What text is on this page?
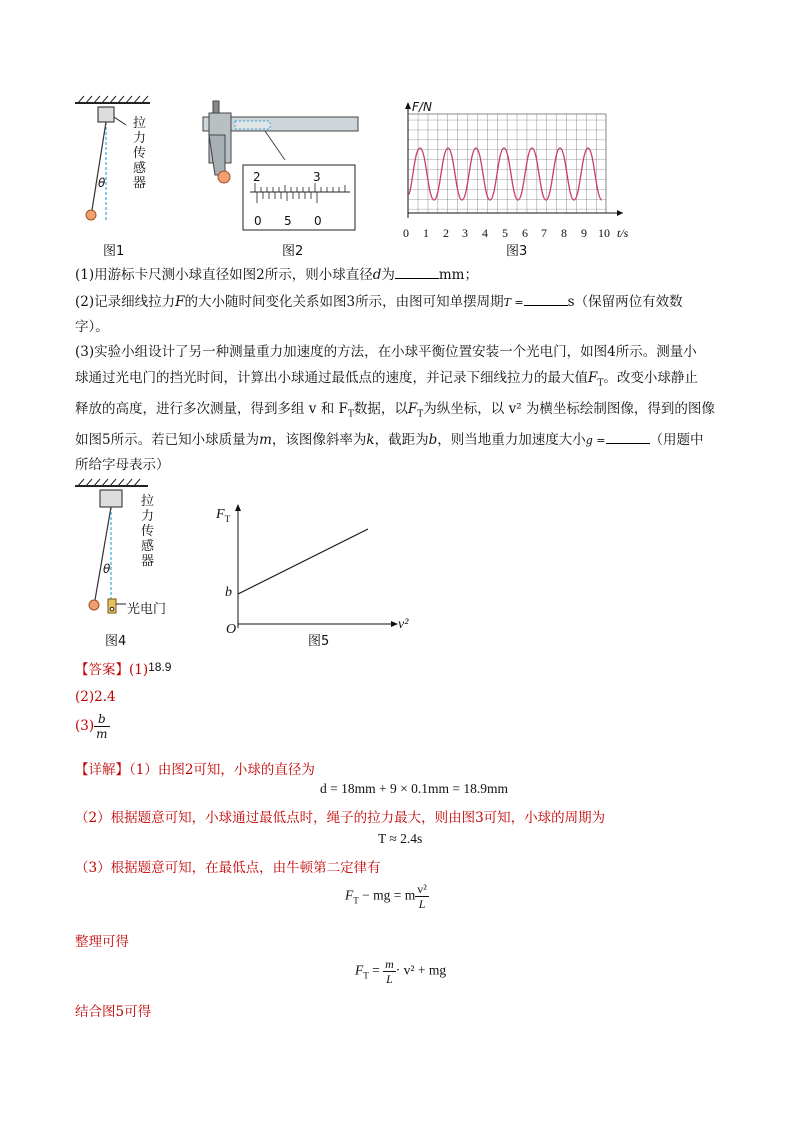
拉力传感器
θ
图1
2	3
0 5 0
图2
F/N
0 1 2 3 4 5 6 7 8 9 10 t/s
图3
(1)用游标卡尺测小球直径如图2所示，则小球直径d为	mm；
(2)记录细线拉力F的大小随时间变化关系如图3所示，由图可知单摆周期T =	s（保留两位有效数
字）。
(3)实验小组设计了另一种测量重力加速度的方法，在小球平衡位置安装一个光电门，如图4所示。测量小
球通过光电门的挡光时间，计算出小球通过最低点的速度，并记录下细线拉力的最大值$F_T$。改变小球静止
释放的高度，进行多次测量，得到多组 v 和 $F_T$数据，以$F_T$为纵坐标，以 v² 为横坐标绘制图像，得到的图像
如图5所示。若已知小球质量为m，该图像斜率为k，截距为b，则当地重力加速度大小g =	（用题中
所给字母表示）
拉力传感器
θ
光电门
图4
$F_T$
b
O	v²
图5
【答案】(1)18.9
(2)2.4
$(3) \frac{b}{m}$
【详解】（1）由图2可知，小球的直径为
d = 18mm + 9 × 0.1mm = 18.9mm
（2）根据题意可知，小球通过最低点时，绳子的拉力最大，则由图3可知，小球的周期为
T ≈ 2.4s
（3）根据题意可知，在最低点，由牛顿第二定律有
$F_T$ − mg = m $\frac{\text{v²}}{L}$
整理可得
$F_T = \frac{m}{L} \cdot v^2$ + mg
结合图5可得
